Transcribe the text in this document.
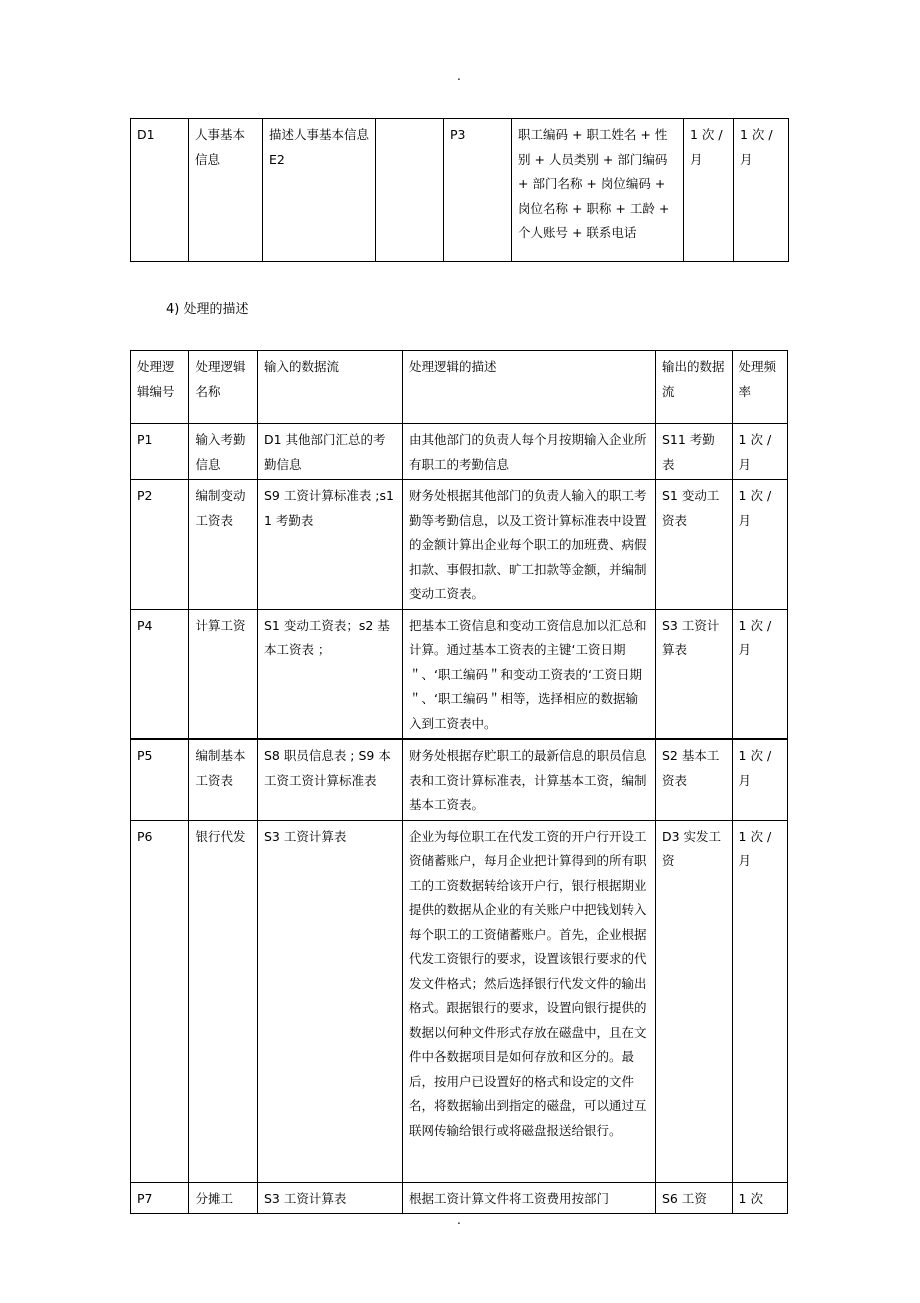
.
D1	人事基本信息	描述人事基本信息 E2		P3	职工编码 + 职工姓名 + 性别 + 人员类别 + 部门编码 + 部门名称 + 岗位编码 + 岗位名称 + 职称 + 工龄 + 个人账号 + 联系电话	1 次 / 月	1 次 / 月
4) 处理的描述
处理逻辑编号	处理逻辑名称	输入的数据流	处理逻辑的描述	输出的数据流	处理频率
P1	输入考勤信息	D1 其他部门汇总的考勤信息	由其他部门的负责人每个月按期输入企业所有职工的考勤信息	S11 考勤表	1 次 / 月
P2	编制变动工资表	S9 工资计算标准表 ;s11 考勤表	财务处根据其他部门的负责人输入的职工考勤等考勤信息，以及工资计算标准表中设置的金额计算出企业每个职工的加班费、病假扣款、事假扣款、旷工扣款等金额，并编制变动工资表。	S1 变动工资表	1 次 / 月
P4	计算工资	S1 变动工资表；s2 基本工资表 ；	把基本工资信息和变动工资信息加以汇总和计算。通过基本工资表的主键‘工资日期＂、‘职工编码＂和变动工资表的‘工资日期＂、‘职工编码＂相等，选择相应的数据输入到工资表中。	S3 工资计算表	1 次 / 月
P5	编制基本工资表	S8 职员信息表 ; S9 本工资工资计算标准表	财务处根据存贮职工的最新信息的职员信息表和工资计算标准表，计算基本工资，编制基本工资表。	S2 基本工资表	1 次 / 月
P6	银行代发	S3 工资计算表	企业为每位职工在代发工资的开户行开设工资储蓄账户，每月企业把计算得到的所有职工的工资数据转给该开户行，银行根据期业提供的数据从企业的有关账户中把钱划转入每个职工的工资储蓄账户。首先，企业根据代发工资银行的要求，设置该银行要求的代发文件格式；然后选择银行代发文件的输出格式。跟据银行的要求，设置向银行提供的数据以何种文件形式存放在磁盘中，且在文件中各数据项目是如何存放和区分的。最后，按用户已设置好的格式和设定的文件名，将数据输出到指定的磁盘，可以通过互联网传输给银行或将磁盘报送给银行。	D3 实发工资	1 次 / 月
P7	分摊工	S3 工资计算表	根据工资计算文件将工资费用按部门	S6 工资	1 次
.
